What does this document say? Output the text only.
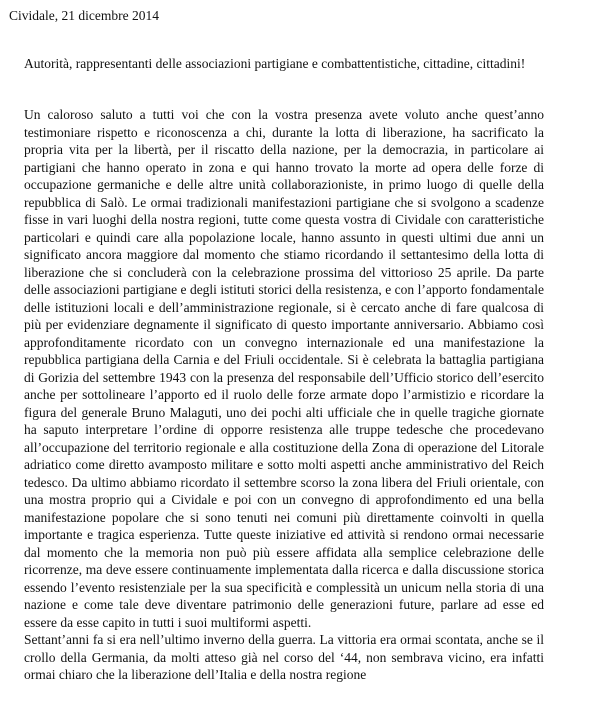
Cividale, 21 dicembre 2014
Autorità, rappresentanti delle associazioni partigiane e combattentistiche, cittadine, cittadini!

Un caloroso saluto a tutti voi che con la vostra presenza avete voluto anche quest’anno testimoniare rispetto e riconoscenza a chi, durante la lotta di liberazione, ha sacrificato la propria vita per la libertà, per il riscatto della nazione, per la democrazia, in particolare ai partigiani che hanno operato in zona e qui hanno trovato la morte ad opera delle forze di occupazione germaniche e delle altre unità collaborazioniste, in primo luogo di quelle della repubblica di Salò. Le ormai tradizionali manifestazioni partigiane che si svolgono a scadenze fisse in vari luoghi della nostra regioni, tutte come questa vostra di Cividale con caratteristiche particolari e quindi care alla popolazione locale, hanno assunto in questi ultimi due anni un significato ancora maggiore dal momento che stiamo ricordando il settantesimo della lotta di liberazione che si concluderà con la celebrazione prossima del vittorioso 25 aprile. Da parte delle associazioni partigiane e degli istituti storici della resistenza, e con l’apporto fondamentale delle istituzioni locali e dell’amministrazione regionale, si è cercato anche di fare qualcosa di più per evidenziare degnamente il significato di questo importante anniversario. Abbiamo così approfonditamente ricordato con un convegno internazionale ed una manifestazione la repubblica partigiana della Carnia e del Friuli occidentale. Si è celebrata la battaglia partigiana di Gorizia del settembre 1943 con la presenza del responsabile dell’Ufficio storico dell’esercito anche per sottolineare l’apporto ed il ruolo delle forze armate dopo l’armistizio e ricordare la figura del generale Bruno Malaguti, uno dei pochi alti ufficiale che in quelle tragiche giornate ha saputo interpretare l’ordine di opporre resistenza alle truppe tedesche che procedevano all’occupazione del territorio regionale e alla costituzione della Zona di operazione del Litorale adriatico come diretto avamposto militare e sotto molti aspetti anche amministrativo del Reich tedesco. Da ultimo abbiamo ricordato il settembre scorso la zona libera del Friuli orientale, con una mostra proprio qui a Cividale e poi con un convegno di approfondimento ed una bella manifestazione popolare che si sono tenuti nei comuni più direttamente coinvolti in quella importante e tragica esperienza. Tutte queste iniziative ed attività si rendono ormai necessarie dal momento che la memoria non può più essere affidata alla semplice celebrazione delle ricorrenze, ma deve essere continuamente implementata dalla ricerca e dalla discussione storica essendo l’evento resistenziale per la sua specificità e complessità un unicum nella storia di una nazione e come tale deve diventare patrimonio delle generazioni future, parlare ad esse ed essere da esse capito in tutti i suoi multiformi aspetti.

Settant’anni fa si era nell’ultimo inverno della guerra. La vittoria era ormai scontata, anche se il crollo della Germania, da molti atteso già nel corso del ‘44, non sembrava vicino, era infatti ormai chiaro che la liberazione dell’Italia e della nostra regione
